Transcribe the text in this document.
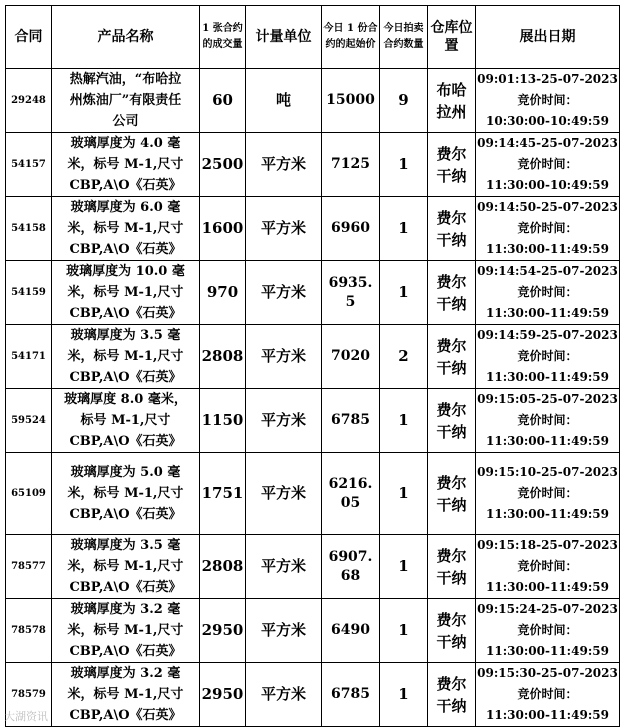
合同	产品名称	1 张合约的成交量	计量单位	今日 1 份合约的起始价	今日拍卖合约数量	仓库位置	展出日期
29248	热解汽油，“布哈拉
州炼油厂”有限责任
公司	60	吨	15000	9	布哈
拉州	09:01:13-25-07-2023
竞价时间：
10:30:00-10:49:59

54157	玻璃厚度为 4.0 毫
米，标号 M-1,尺寸
CBP,A\O《石英》	2500	平方米	7125	1	费尔
干纳	09:14:45-25-07-2023
竞价时间：
11:30:00-10:49:59

54158	玻璃厚度为 6.0 毫
米，标号 M-1,尺寸
CBP,A\O《石英》	1600	平方米	6960	1	费尔
干纳	09:14:50-25-07-2023
竞价时间：
11:30:00-11:49:59

54159	玻璃厚度为 10.0 毫
米，标号 M-1,尺寸
CBP,A\O《石英》	970	平方米	6935.
5	1	费尔
干纳	09:14:54-25-07-2023
竞价时间：
11:30:00-11:49:59

54171	玻璃厚度为 3.5 毫
米，标号 M-1,尺寸
CBP,A\O《石英》	2808	平方米	7020	2	费尔
干纳	09:14:59-25-07-2023
竞价时间：
11:30:00-11:49:59

59524	玻璃厚度 8.0 毫米，
标号 M-1,尺寸
CBP,A\O《石英》	1150	平方米	6785	1	费尔
干纳	09:15:05-25-07-2023
竞价时间：
11:30:00-11:49:59

65109	玻璃厚度为 5.0 毫
米，标号 M-1,尺寸
CBP,A\O《石英》	1751	平方米	6216.
05	1	费尔
干纳	09:15:10-25-07-2023
竞价时间：
11:30:00-11:49:59

78577	玻璃厚度为 3.5 毫
米，标号 M-1,尺寸
CBP,A\O《石英》	2808	平方米	6907.
68	1	费尔
干纳	09:15:18-25-07-2023
竞价时间：
11:30:00-11:49:59

78578	玻璃厚度为 3.2 毫
米，标号 M-1,尺寸
CBP,A\O《石英》	2950	平方米	6490	1	费尔
干纳	09:15:24-25-07-2023
竞价时间：
11:30:00-11:49:59

78579	玻璃厚度为 3.2 毫
米，标号 M-1,尺寸
CBP,A\O《石英》	2950	平方米	6785	1	费尔
干纳	09:15:30-25-07-2023
竞价时间：
11:30:00-11:49:59
大湖资讯
